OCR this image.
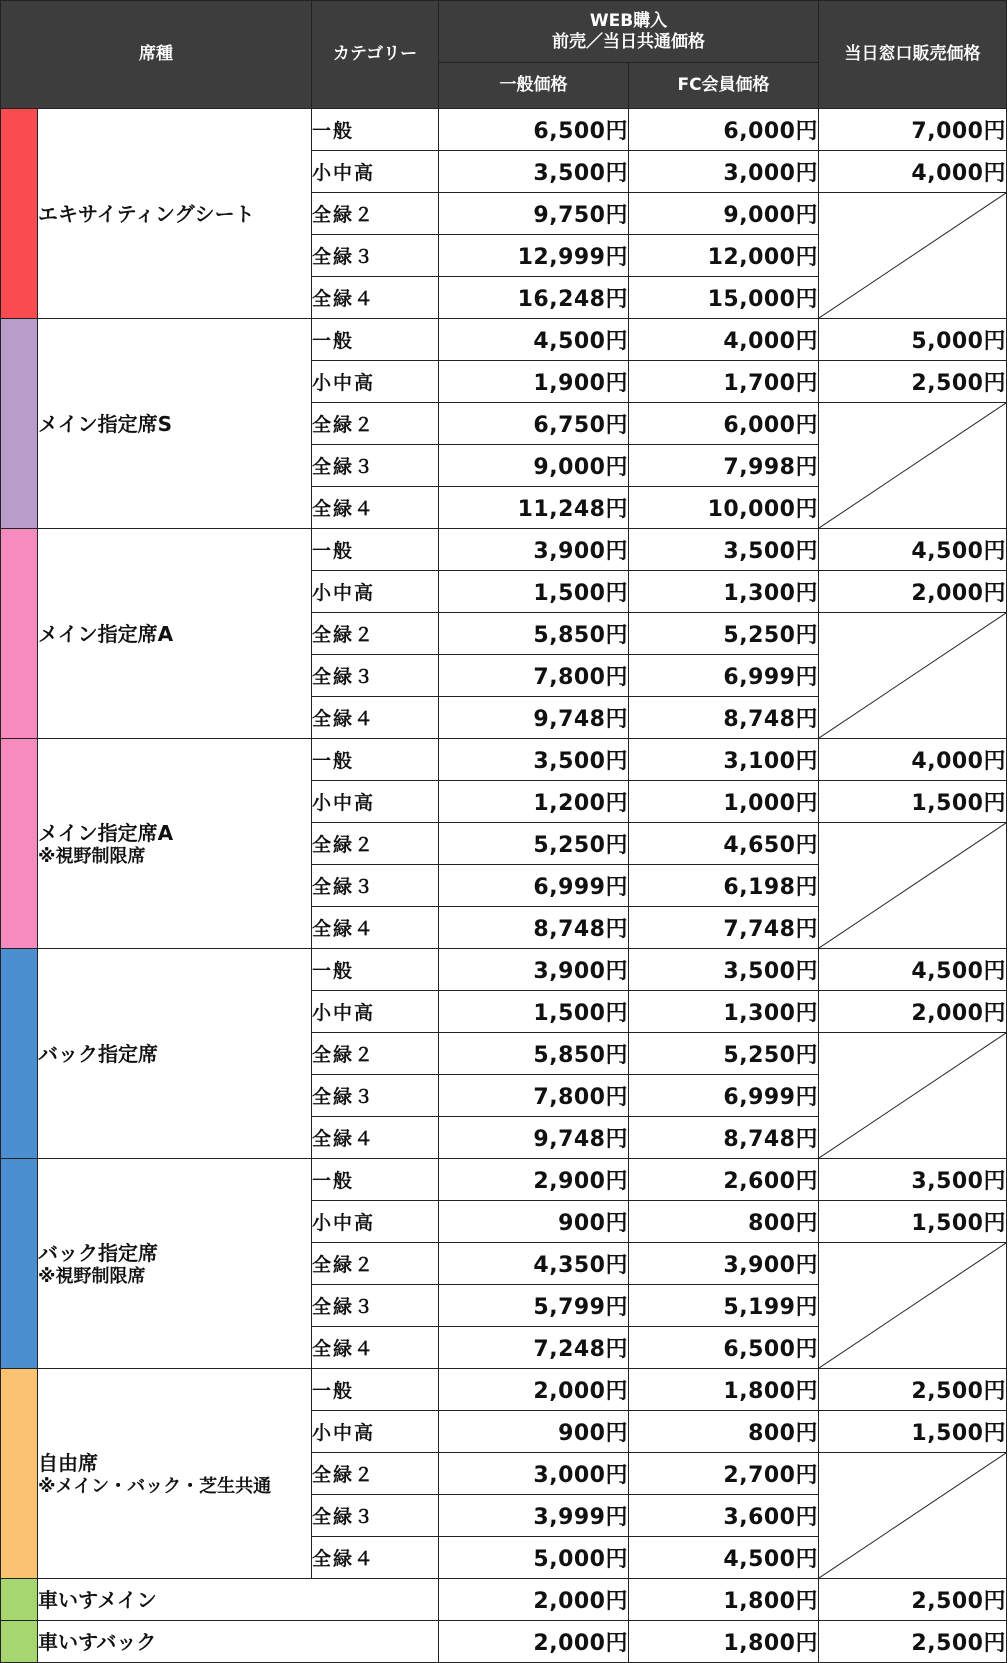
席種		カテゴリー	WEB購入
前売／当日共通価格		当日窓口販売価格
			一般価格	FC会員価格	
	エキサイティングシート	一般	6,500円	6,000円	7,000円
		小中高	3,500円	3,000円	4,000円
		全緑２	9,750円	9,000円	

		全緑３	12,999円	12,000円	
		全緑４	16,248円	15,000円	
	メイン指定席S	一般	4,500円	4,000円	5,000円
		小中高	1,900円	1,700円	2,500円
		全緑２	6,750円	6,000円	

		全緑３	9,000円	7,998円	
		全緑４	11,248円	10,000円	
	メイン指定席A	一般	3,900円	3,500円	4,500円
		小中高	1,500円	1,300円	2,000円
		全緑２	5,850円	5,250円	

		全緑３	7,800円	6,999円	
		全緑４	9,748円	8,748円	
	メイン指定席A
※視野制限席	一般	3,500円	3,100円	4,000円
		小中高	1,200円	1,000円	1,500円
		全緑２	5,250円	4,650円	

		全緑３	6,999円	6,198円	
		全緑４	8,748円	7,748円	
	バック指定席	一般	3,900円	3,500円	4,500円
		小中高	1,500円	1,300円	2,000円
		全緑２	5,850円	5,250円	

		全緑３	7,800円	6,999円	
		全緑４	9,748円	8,748円	
	バック指定席
※視野制限席	一般	2,900円	2,600円	3,500円
		小中高	900円	800円	1,500円
		全緑２	4,350円	3,900円	

		全緑３	5,799円	5,199円	
		全緑４	7,248円	6,500円	
	自由席
※メイン・バック・芝生共通	一般	2,000円	1,800円	2,500円
		小中高	900円	800円	1,500円
		全緑２	3,000円	2,700円	

		全緑３	3,999円	3,600円	
		全緑４	5,000円	4,500円	
	車いすメイン		2,000円	1,800円	2,500円
	車いすバック		2,000円	1,800円	2,500円
